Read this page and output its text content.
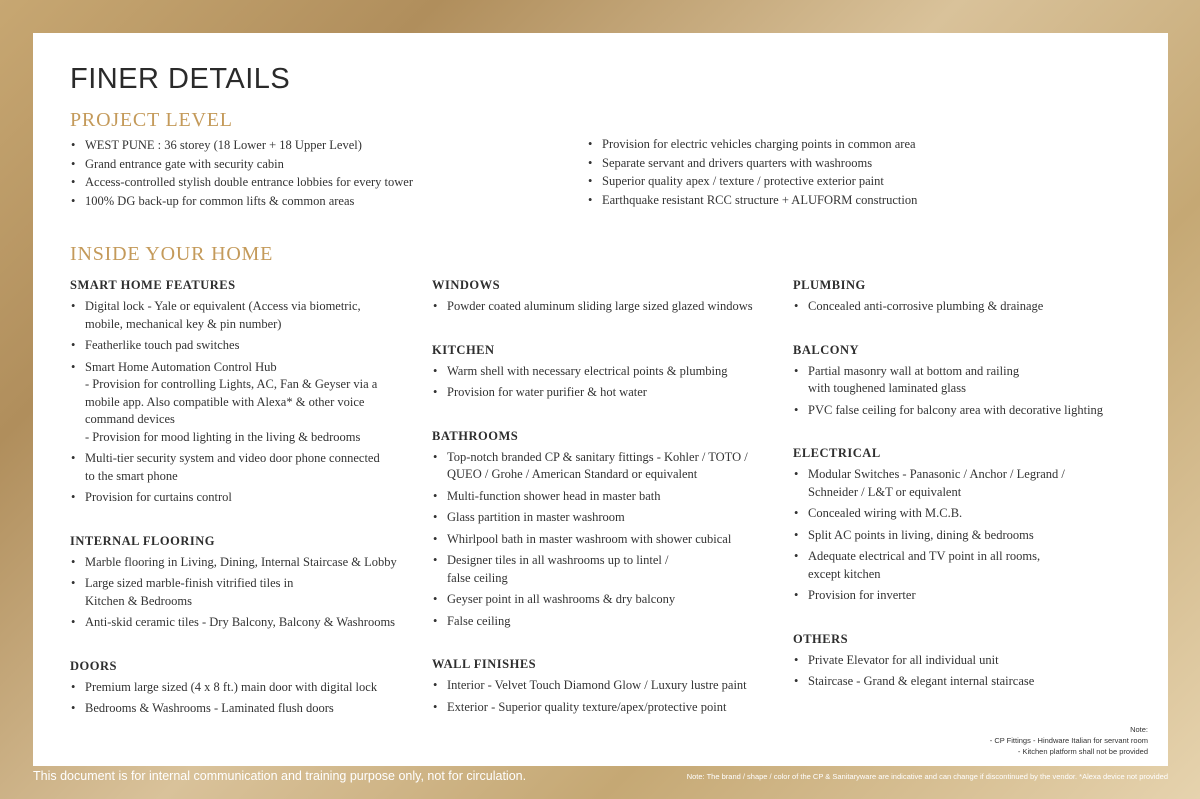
FINER DETAILS
PROJECT LEVEL
• WEST PUNE : 36 storey (18 Lower + 18 Upper Level)
• Grand entrance gate with security cabin
• Access-controlled stylish double entrance lobbies for every tower
• 100% DG back-up for common lifts & common areas
• Provision for electric vehicles charging points in common area
• Separate servant and drivers quarters with washrooms
• Superior quality apex / texture / protective exterior paint
• Earthquake resistant RCC structure + ALUFORM construction
INSIDE YOUR HOME
SMART HOME FEATURES
• Digital lock - Yale or equivalent (Access via biometric,
mobile, mechanical key & pin number)
• Featherlike touch pad switches
• Smart Home Automation Control Hub
- Provision for controlling Lights, AC, Fan & Geyser via a
mobile app. Also compatible with Alexa* & other voice
command devices
- Provision for mood lighting in the living & bedrooms
• Multi-tier security system and video door phone connected
to the smart phone
• Provision for curtains control
INTERNAL FLOORING
• Marble flooring in Living, Dining, Internal Staircase & Lobby
• Large sized marble-finish vitrified tiles in
Kitchen & Bedrooms
• Anti-skid ceramic tiles - Dry Balcony, Balcony & Washrooms
DOORS
• Premium large sized (4 x 8 ft.) main door with digital lock
• Bedrooms & Washrooms - Laminated flush doors
WINDOWS
• Powder coated aluminum sliding large sized glazed windows
KITCHEN
• Warm shell with necessary electrical points & plumbing
• Provision for water purifier & hot water
BATHROOMS
• Top-notch branded CP & sanitary fittings - Kohler / TOTO /
QUEO / Grohe / American Standard or equivalent
• Multi-function shower head in master bath
• Glass partition in master washroom
• Whirlpool bath in master washroom with shower cubical
• Designer tiles in all washrooms up to lintel /
false ceiling
• Geyser point in all washrooms & dry balcony
• False ceiling
WALL FINISHES
• Interior - Velvet Touch Diamond Glow / Luxury lustre paint
• Exterior - Superior quality texture/apex/protective point
PLUMBING
• Concealed anti-corrosive plumbing & drainage
BALCONY
• Partial masonry wall at bottom and railing
with toughened laminated glass
• PVC false ceiling for balcony area with decorative lighting
ELECTRICAL
• Modular Switches - Panasonic / Anchor / Legrand /
Schneider / L&T or equivalent
• Concealed wiring with M.C.B.
• Split AC points in living, dining & bedrooms
• Adequate electrical and TV point in all rooms,
except kitchen
• Provision for inverter
OTHERS
• Private Elevator for all individual unit
• Staircase - Grand & elegant internal staircase
Note:
- CP Fittings - Hindware Italian for servant room
- Kitchen platform shall not be provided
This document is for internal communication and training purpose only, not for circulation.	Note: The brand / shape / color of the CP & Sanitaryware are indicative and can change if discontinued by the vendor. *Alexa device not provided
